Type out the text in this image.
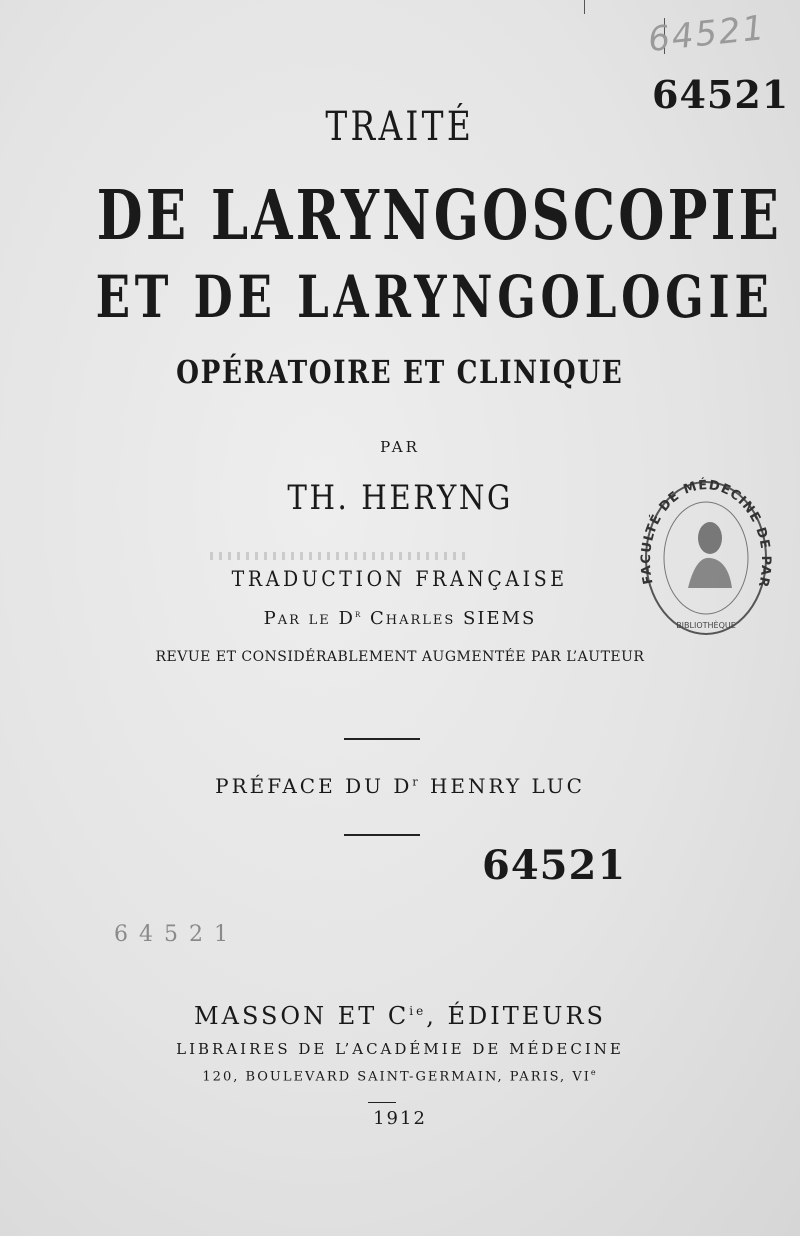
64521
64521
TRAITÉ
DE LARYNGOSCOPIE
ET DE LARYNGOLOGIE
OPÉRATOIRE ET CLINIQUE
PAR
TH. HERYNG
TRADUCTION FRANÇAISE
Par le $D^r$ Charles SIEMS
REVUE ET CONSIDÉRABLEMENT AUGMENTÉE PAR L’AUTEUR
PRÉFACE DU $D^r$ HENRY LUC
64521
6 4 5 2 1
MASSON ET $C^{ie}$, ÉDITEURS
LIBRAIRES DE L’ACADÉMIE DE MÉDECINE
120, BOULEVARD SAINT-GERMAIN, PARIS, VIe
1912
FACULTÉ DE MÉDECINE DE PAR
BIBLIOTHÈQUE
